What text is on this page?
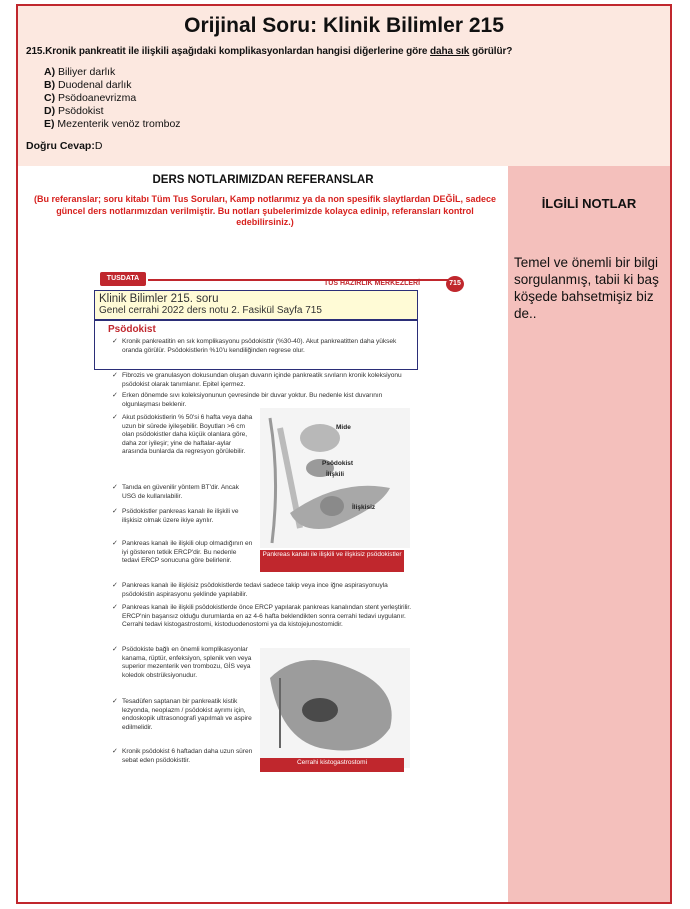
Orijinal Soru: Klinik Bilimler 215
215.Kronik pankreatit ile ilişkili aşağıdaki komplikasyonlardan hangisi diğerlerine göre daha sık görülür?
A) Biliyer darlık
B) Duodenal darlık
C) Psödoanevrizma
D) Psödokist
E) Mezenterik venöz tromboz
Doğru Cevap:D
DERS NOTLARIMIZDAN REFERANSLAR
(Bu referanslar; soru kitabı Tüm Tus Soruları, Kamp notlarımız ya da non spesifik slaytlardan DEĞİL, sadece güncel ders notlarımızdan verilmiştir. Bu notları şubelerimizde kolayca edinip, referansları kontrol edebilirsiniz.)
İLGİLİ NOTLAR
Temel ve önemli bir bilgi sorgulanmış, tabii ki baş köşede bahsetmişiz biz de..
TUSDATA
TUS HAZIRLIK MERKEZLERİ	715
Klinik Bilimler 215. soru
Genel cerrahi 2022 ders notu 2. Fasikül Sayfa 715
Psödokist
✓ Kronik pankreatitin en sık komplikasyonu psödokisttir (%30-40). Akut pankreatitten daha yüksek oranda görülür. Psödokistlerin %10'u kendiliğinden regrese olur.
✓ Fibrozis ve granulasyon dokusundan oluşan duvarın içinde pankreatik sıvıların kronik koleksiyonu psödokist olarak tanımlanır. Epitel içermez.
✓ Erken dönemde sıvı koleksiyonunun çevresinde bir duvar yoktur. Bu nedenle kist duvarının olgunlaşması beklenir.
✓ Akut psödokistlerin % 50'si 6 hafta veya daha uzun bir sürede iyileşebilir. Boyutları >6 cm olan psödokistler daha küçük olanlara göre, daha zor iyileşir; yine de haftalar-aylar arasında bunlarda da regresyon görülebilir.
✓ Tanıda en güvenilir yöntem BT'dir. Ancak USG de kullanılabilir.
✓ Psödokistler pankreas kanalı ile ilişkili ve ilişkisiz olmak üzere ikiye ayrılır.
✓ Pankreas kanalı ile ilişkili olup olmadığının en iyi gösteren tetkik ERCP'dir. Bu nedenle tedavi ERCP sonucuna göre belirlenir.
✓ Pankreas kanalı ile ilişkisiz psödokistlerde tedavi sadece takip veya ince iğne aspirasyonuyla psödokistin aspirasyonu şeklinde yapılabilir.
✓ Pankreas kanalı ile ilişkili psödokistlerde önce ERCP yapılarak pankreas kanalından stent yerleştirilir. ERCP'nin başarısız olduğu durumlarda en az 4-6 hafta beklendikten sonra cerrahi tedavi uygulanır. Cerrahi tedavi kistogastrostomi, kistoduodenostomi ya da kistojejunostomidir.
✓ Psödokiste bağlı en önemli komplikasyonlar kanama, rüptür, enfeksiyon, splenik ven veya superior mezenterik ven trombozu, GİS veya koledok obstrüksiyonudur.
✓ Tesadüfen saptanan bir pankreatik kistik lezyonda, neoplazm / psödokist ayrımı için, endoskopik ultrasonografi yapılmalı ve aspire edilmelidir.
✓ Kronik psödokist 6 haftadan daha uzun süren sebat eden psödokisttir.
Mide
Psödokist
İlişkili
İlişkisiz
Pankreas kanalı ile ilişkili ve ilişkisiz psödokistler
Cerrahi kistogastrostomi
